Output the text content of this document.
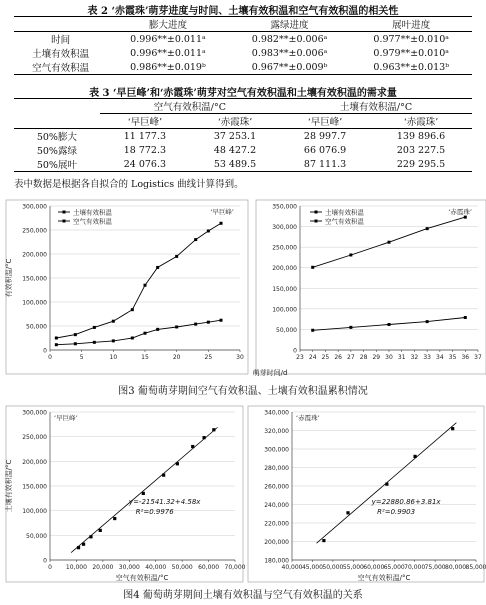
表 2 ‘赤霞珠’萌芽进度与时间、土壤有效积温和空气有效积温的相关性
	膨大进度	露绿进度	展叶进度
时间	0.996**±0.011ᵃ	0.982**±0.006ᵃ	0.977**±0.010ᵃ
土壤有效积温	0.996**±0.011ᵃ	0.983**±0.006ᵃ	0.979**±0.010ᵃ
空气有效积温	0.986**±0.019ᵇ	0.967**±0.009ᵇ	0.963**±0.013ᵇ
表 3 ‘早巨峰’和‘赤霞珠’萌芽对空气有效积温和土壤有效积温的需求量
	空气有效积温/°C		土壤有效积温/°C	
	‘早巨峰’	‘赤霞珠’	‘早巨峰’	‘赤霞珠’
50%膨大	11 177.3	37 253.1	28 997.7	139 896.6
50%露绿	18 772.3	48 427.2	66 076.9	203 227.5
50%展叶	24 076.3	53 489.5	87 111.3	229 295.5
表中数据是根据各自拟合的 Logistics 曲线计算得到。
0
50,000
100,000
150,000
200,000
250,000
300,000
0	5	10	15	20	25	30
‘早巨峰’
土壤有效积温
空气有效积温
0
50,000
100,000
150,000
200,000
250,000
300,000
350,000
23 24 25 26 27 28 29 30 31 32 33 34 35 36 37
‘赤霞珠’
土壤有效积温
空气有效积温
有效积温/°C
萌芽时间/d
图3 葡萄萌芽期间空气有效积温、土壤有效积温累积情况
0
50,000
100,000
150,000
200,000
250,000
300,000
0 10,000 20,000 30,000 40,000 50,000 60,000 70,000
‘早巨峰’
y=-21541.32+4.58x
R²=0.9976
180,000
200,000
220,000
240,000
260,000
280,000
300,000
320,000
340,000
40,000 45,000 50,000 55,000 60,000 65,000 70,000 75,000 80,000 85,000
‘赤霞珠’
y=22880.86+3.81x
R²=0.9903
土壤有效积温/°C
空气有效积温/°C	空气有效积温/°C
图4 葡萄萌芽期间土壤有效积温与空气有效积温的关系
